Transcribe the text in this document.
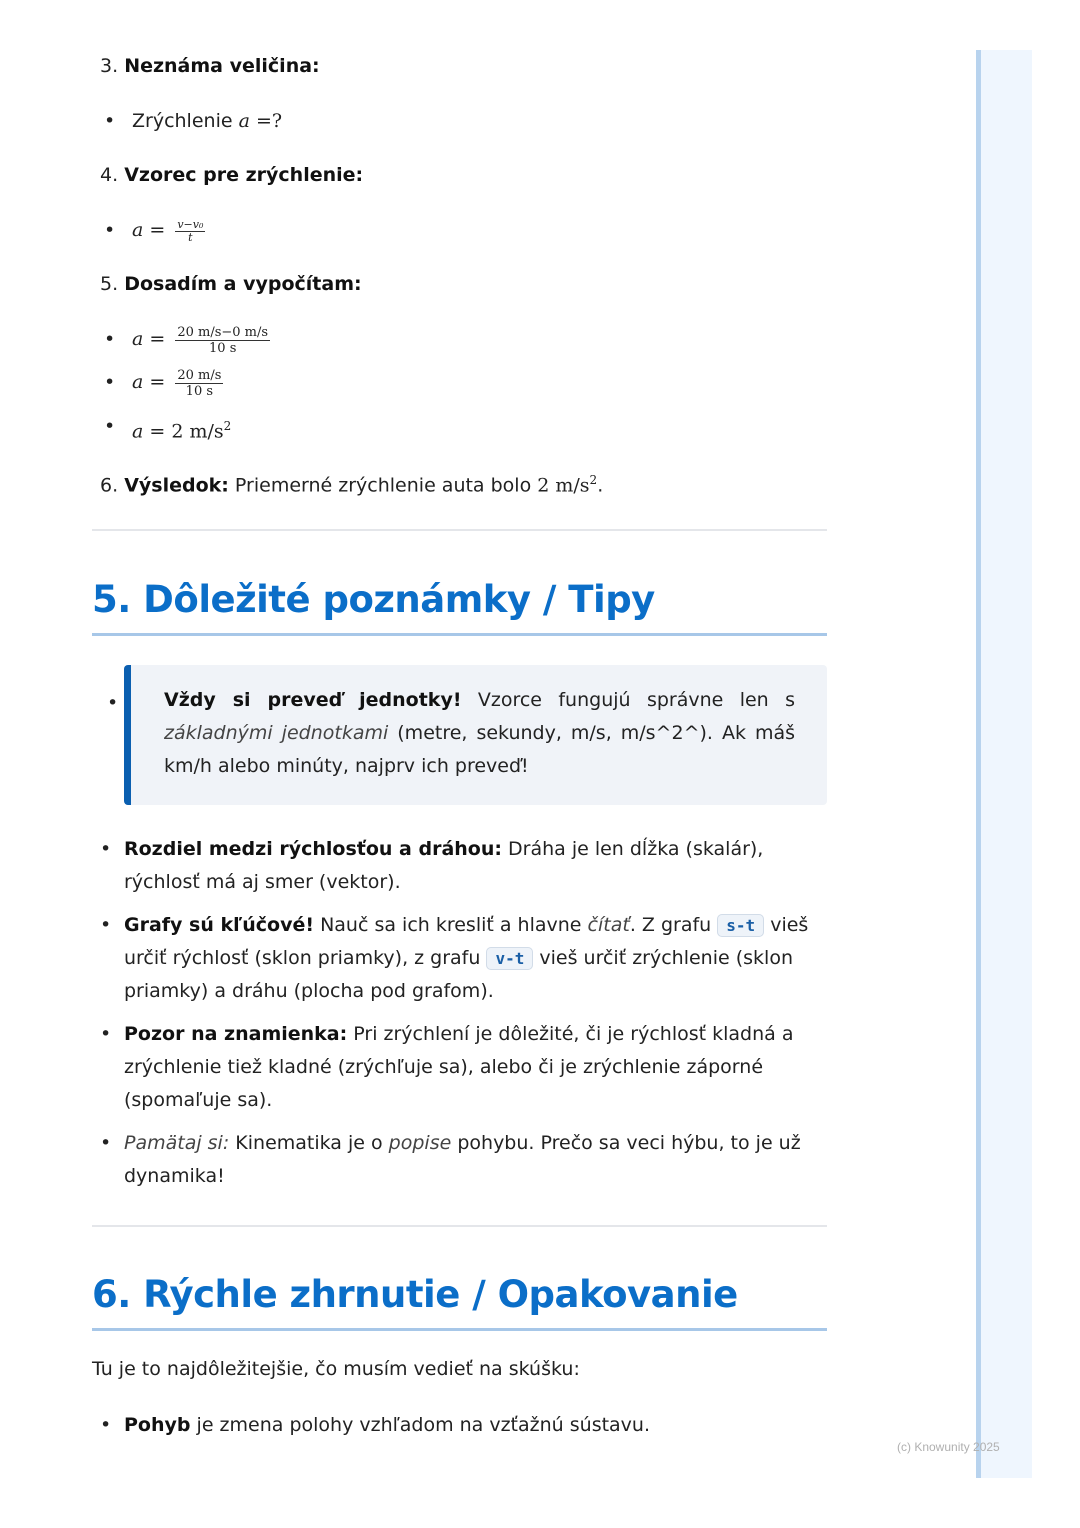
3. Neznáma veličina:
• Zrýchlenie a =?
4. Vzorec pre zrýchlenie:
• $a = \frac{\text{v−v₀}}{t}$
5. Dosadím a vypočítam:
• $a = \frac{20 m/s-0 m/s}{10 s}$
• $a = \frac{20 m/s}{10 s}$
• a = 2 $m/s^2$
6. Výsledok: Priemerné zrýchlenie auta bolo 2 $m/s^2$.
5. Dôležité poznámky / Tipy
• Vždy si preveď jednotky! Vzorce fungujú správne len s základnými jednotkami (metre, sekundy, m/s, m/s^2^). Ak máš km/h alebo minúty, najprv ich preveď!
• Rozdiel medzi rýchlosťou a dráhou: Dráha je len dĺžka (skalár), rýchlosť má aj smer (vektor).
• Grafy sú kľúčové! Nauč sa ich kresliť a hlavne čítať. Z grafu s-t vieš určiť rýchlosť (sklon priamky), z grafu v-t vieš určiť zrýchlenie (sklon priamky) a dráhu (plocha pod grafom).
• Pozor na znamienka: Pri zrýchlení je dôležité, či je rýchlosť kladná a zrýchlenie tiež kladné (zrýchľuje sa), alebo či je zrýchlenie záporné (spomaľuje sa).
• Pamätaj si: Kinematika je o popise pohybu. Prečo sa veci hýbu, to je už dynamika!
6. Rýchle zhrnutie / Opakovanie
Tu je to najdôležitejšie, čo musím vedieť na skúšku:
• Pohyb je zmena polohy vzhľadom na vzťažnú sústavu.
(c) Knowunity 2025
